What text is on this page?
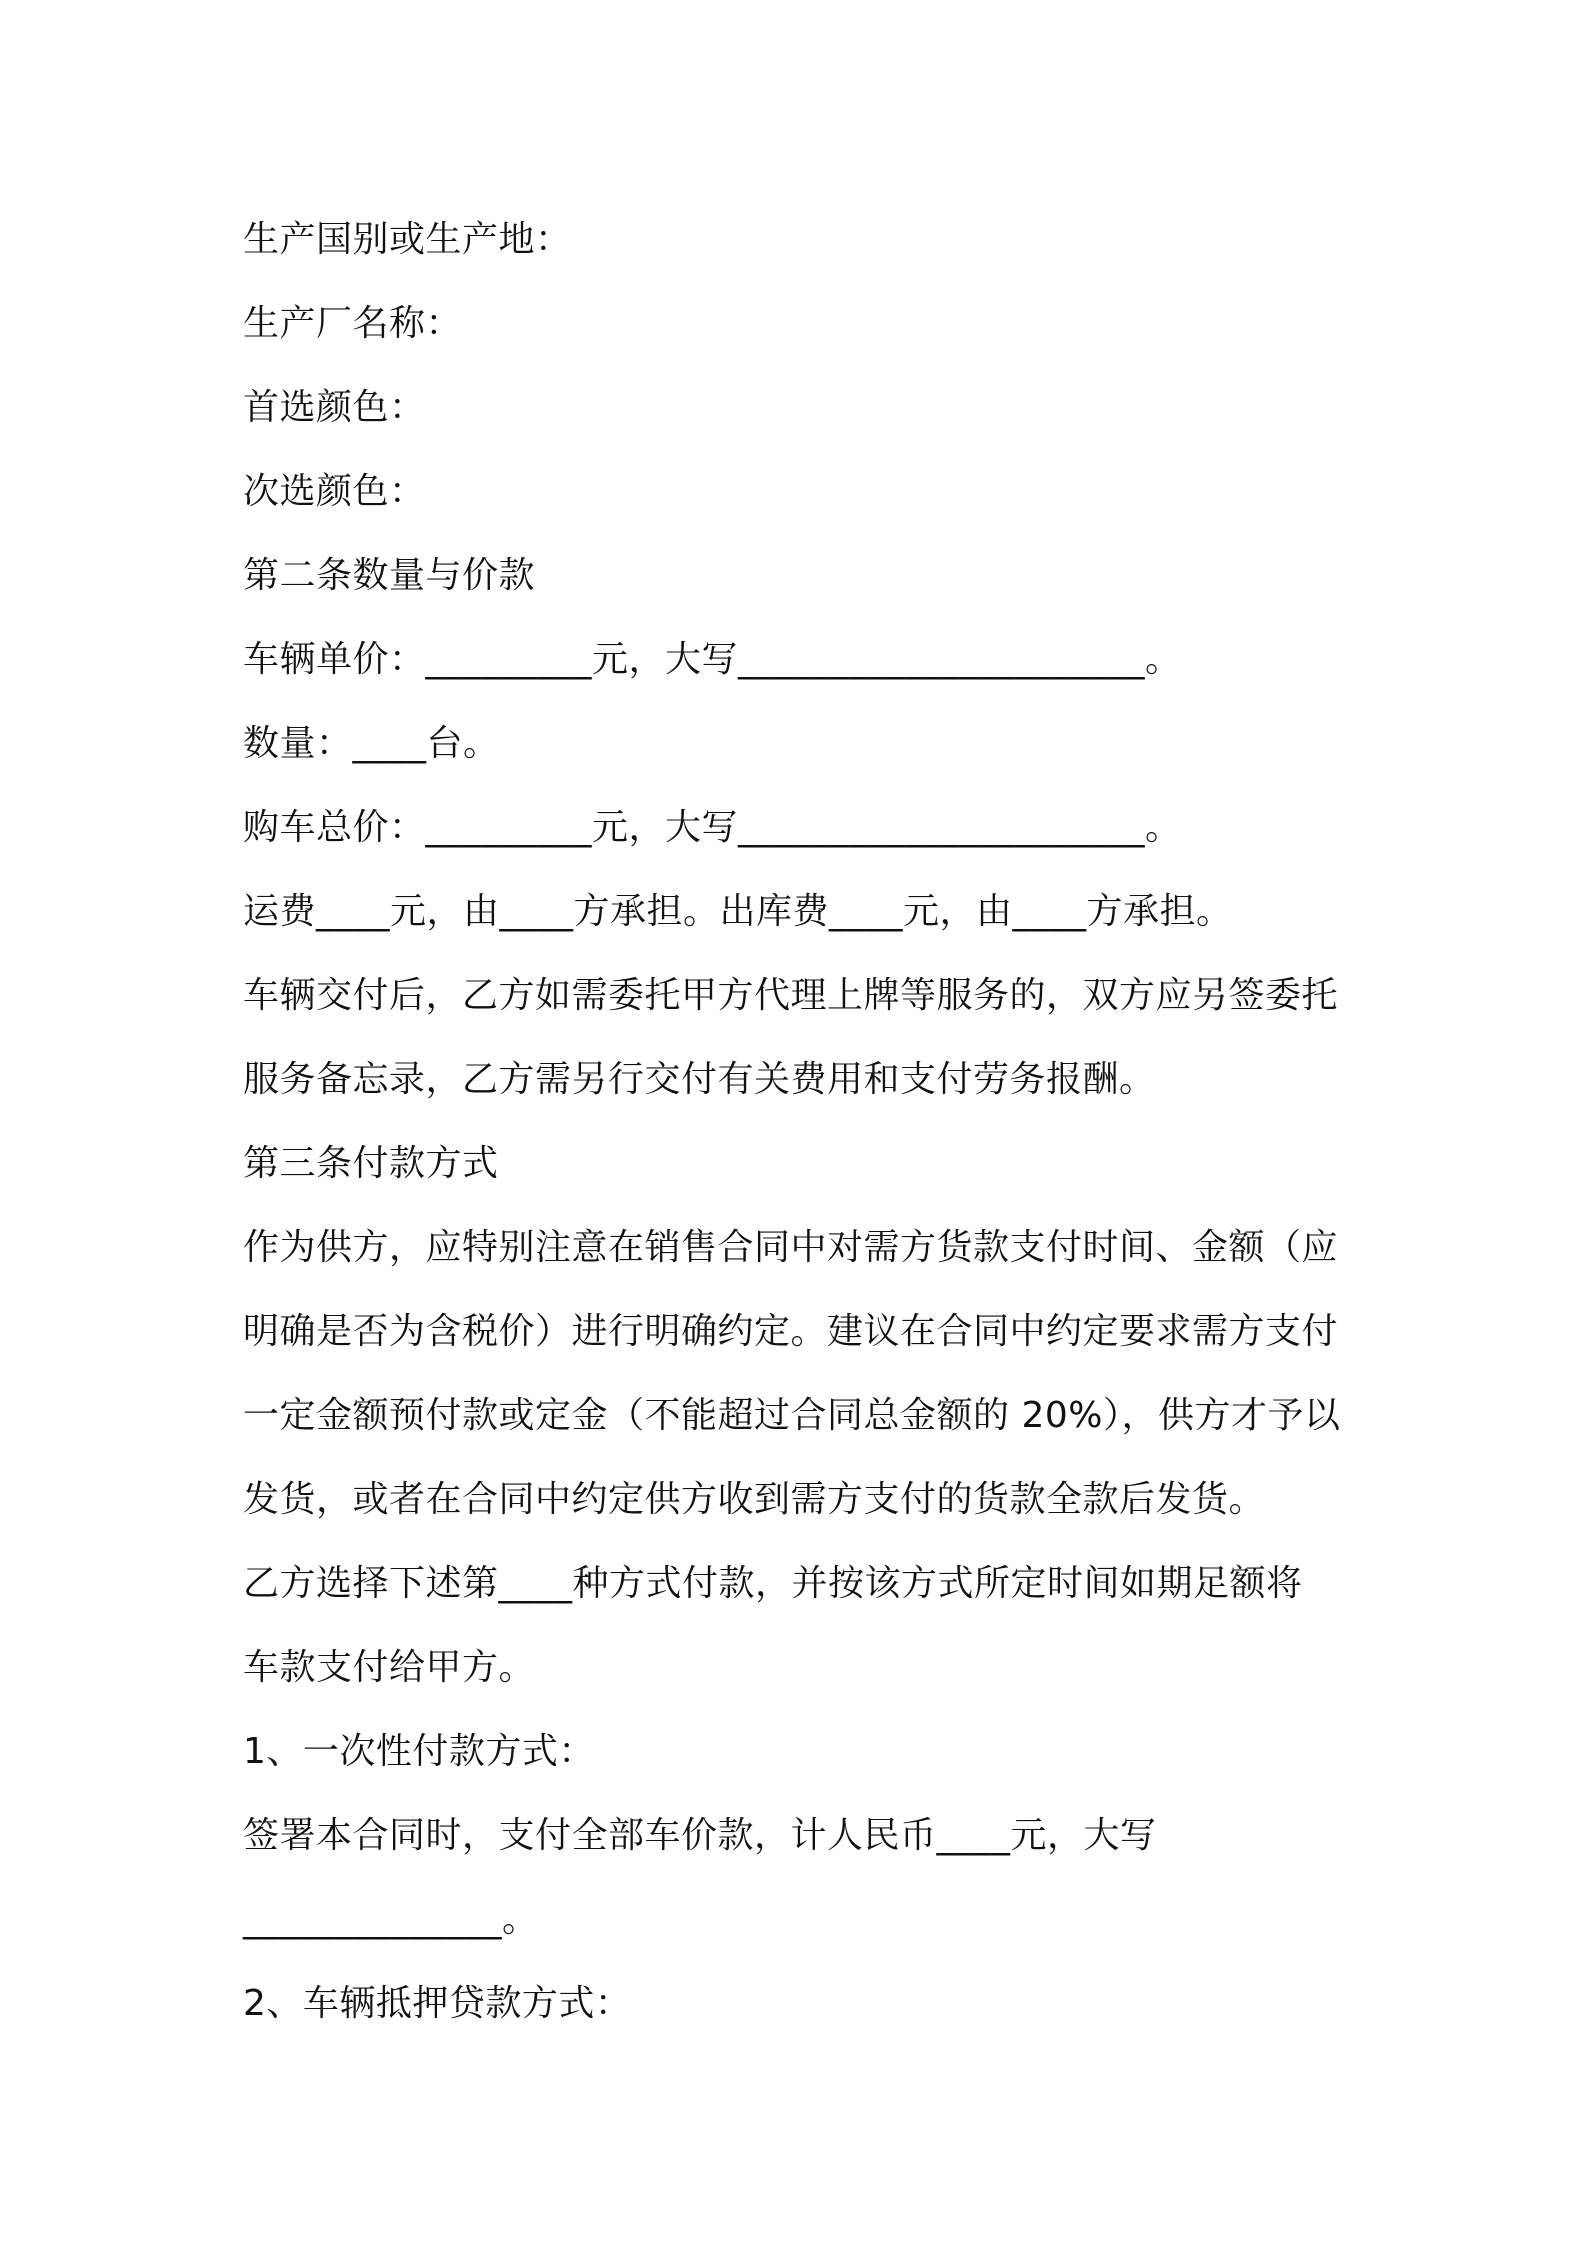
生产国别或生产地：
生产厂名称：
首选颜色：
次选颜色：
第二条数量与价款
车辆单价：_________元，大写______________________。
数量：____台。
购车总价：_________元，大写______________________。
运费____元，由____方承担。出库费____元，由____方承担。
车辆交付后，乙方如需委托甲方代理上牌等服务的，双方应另签委托
服务备忘录，乙方需另行交付有关费用和支付劳务报酬。
第三条付款方式
作为供方，应特别注意在销售合同中对需方货款支付时间、金额（应
明确是否为含税价）进行明确约定。建议在合同中约定要求需方支付
一定金额预付款或定金（不能超过合同总金额的 20%），供方才予以
发货，或者在合同中约定供方收到需方支付的货款全款后发货。
乙方选择下述第____种方式付款，并按该方式所定时间如期足额将
车款支付给甲方。
1、一次性付款方式：
签署本合同时，支付全部车价款，计人民币____元，大写
______________。
2、车辆抵押贷款方式：
